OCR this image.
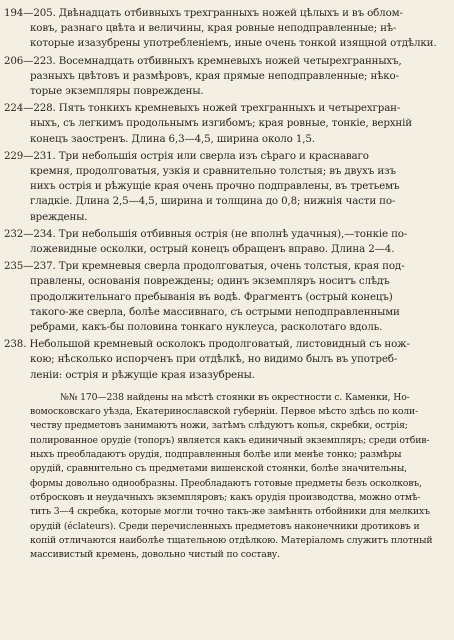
194—205. Двѣнадцать отбивныхъ трехгранныхъ ножей цѣлыхъ и въ облом-
ковъ, разнаго цвѣта и величины, края ровные неподправленные; нѣ-
которые изазубрены употребленіемъ, иные очень тонкой изящной отдѣлки.
206—223. Восемнадцать отбивныхъ кремневыхъ ножей четырехгранныхъ,
разныхъ цвѣтовъ и размѣровъ, края прямые неподправленные; нѣко-
торые экземпляры повреждены.
224—228. Пять тонкихъ кремневыхъ ножей трехгранныхъ и четырехгран-
ныхъ, съ легкимъ продольнымъ изгибомъ; края ровные, тонкіе, верхній
конецъ заостренъ. Длина 6,3—4,5, ширина около 1,5.
229—231. Три небольшія острія или сверла изъ сѣраго и краснаваго
кремня, продолговатыя, узкія и сравнительно толстыя; въ двухъ изъ
нихъ острія и рѣжущіе края очень прочно подправлены, въ третьемъ
гладкіе. Длина 2,5—4,5, ширина и толщина до 0,8; нижнія части по-
вреждены.
232—234. Три небольшія отбивныя острія (не вполнѣ удачныя),—тонкіе по-
ложевидные осколки, острый конецъ обращенъ вправо. Длина 2—4.
235—237. Три кремневыя сверла продолговатыя, очень толстыя, края под-
правлены, основанія повреждены; одинъ экземпляръ носитъ слѣдъ
продолжительнаго пребыванія въ водѣ. Фрагментъ (острый конецъ)
такого-же сверла, болѣе массивнаго, съ острыми неподправленными
ребрами, какъ-бы половина тонкаго нуклеуса, расколотаго вдоль.
238. Небольшой кремневый осколокъ продолговатый, листовидный съ нож-
кою; нѣсколько испорченъ при отдѣлкѣ, но видимо былъ въ употреб-
леніи: острія и рѣжущіе края изазубрены.
№№ 170—238 найдены на мѣстѣ стоянки въ окрестности с. Каменки, Но-
вомосковскаго уѣзда, Екатеринославской губерніи. Первое мѣсто здѣсь по коли-
честву предметовъ занимаютъ ножи, затѣмъ слѣдуютъ копья, скребки, острія;
полированное орудіе (топоръ) является какъ единичный экземпляръ; среди отбив-
ныхъ преобладаютъ орудія, подправленныя болѣе или менѣе тонко; размѣры
орудій, сравнительно съ предметами вишенской стоянки, болѣе значительны,
формы довольно однообразны. Преобладаютъ готовые предметы безъ осколковъ,
отбросковъ и неудачныхъ экземпляровъ; какъ орудія производства, можно отмѣ-
тить 3—4 скребка, которые могли точно такъ-же замѣнять отбойники для мелкихъ
орудій (éclateurs). Среди перечисленныхъ предметовъ наконечники дротиковъ и
копій отличаются наиболѣе тщательною отдѣлкою. Матеріаломъ служитъ плотный
массивистый кремень, довольно чистый по составу.
